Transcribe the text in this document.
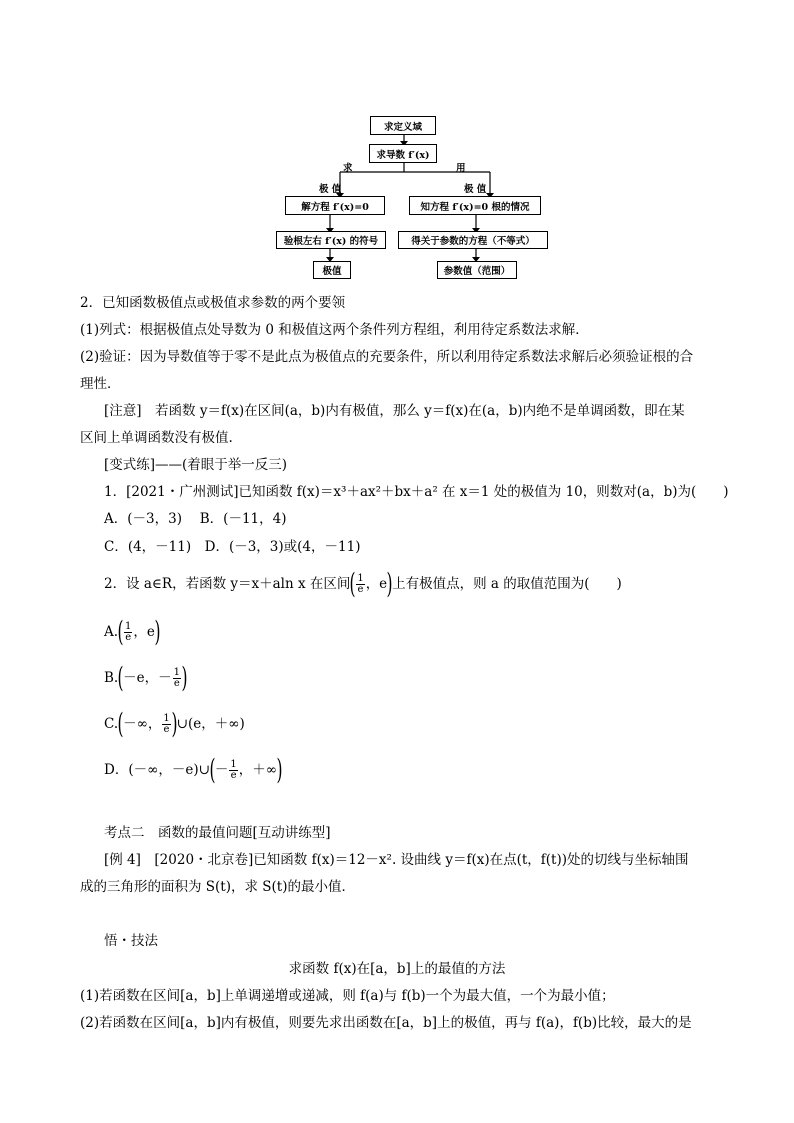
求定义域
求导数 f′(x)
求	用
极 值	极 值
解方程 f′(x)=0	知方程 f′(x)=0 根的情况
验根左右 f′(x) 的符号	得关于参数的方程（不等式）
极值	参数值（范围）
2．已知函数极值点或极值求参数的两个要领
(1)列式：根据极值点处导数为 0 和极值这两个条件列方程组，利用待定系数法求解．
(2)验证：因为导数值等于零不是此点为极值点的充要条件，所以利用待定系数法求解后必须验证根的合
理性．
[注意]　若函数 y＝f(x)在区间(a，b)内有极值，那么 y＝f(x)在(a，b)内绝不是单调函数，即在某
区间上单调函数没有极值.
[变式练]——(着眼于举一反三)
1．[2021・广州测试]已知函数 f(x)＝x³＋ax²＋bx＋a² 在 x＝1 处的极值为 10，则数对(a，b)为(　　)
A．(－3，3)　 B．(－11，4)
C．(4，－11)　D．(－3，3)或(4，－11)
2．设 a∈R，若函数 y＝x＋aln x 在区间 ( $\frac{1}{e}$ ，e ) 上有极值点，则 a 的取值范围为(　　)
A. ( $\frac{1}{e}$ ，e )
B. ( －e，－ $\frac{1}{e}$ )
C. ( －∞， $\frac{1}{e}$ ) ∪(e，＋∞)
D．(－∞，－e)∪ ( － $\frac{1}{e}$ ，＋∞ )
考点二　函数的最值问题[互动讲练型]
[例 4]　[2020・北京卷]已知函数 f(x)＝12－x². 设曲线 y＝f(x)在点(t，f(t))处的切线与坐标轴围
成的三角形的面积为 S(t)，求 S(t)的最小值．
悟・技法
求函数 f(x)在[a，b]上的最值的方法
(1)若函数在区间[a，b]上单调递增或递减，则 f(a)与 f(b)一个为最大值，一个为最小值；
(2)若函数在区间[a，b]内有极值，则要先求出函数在[a，b]上的极值，再与 f(a)，f(b)比较，最大的是
